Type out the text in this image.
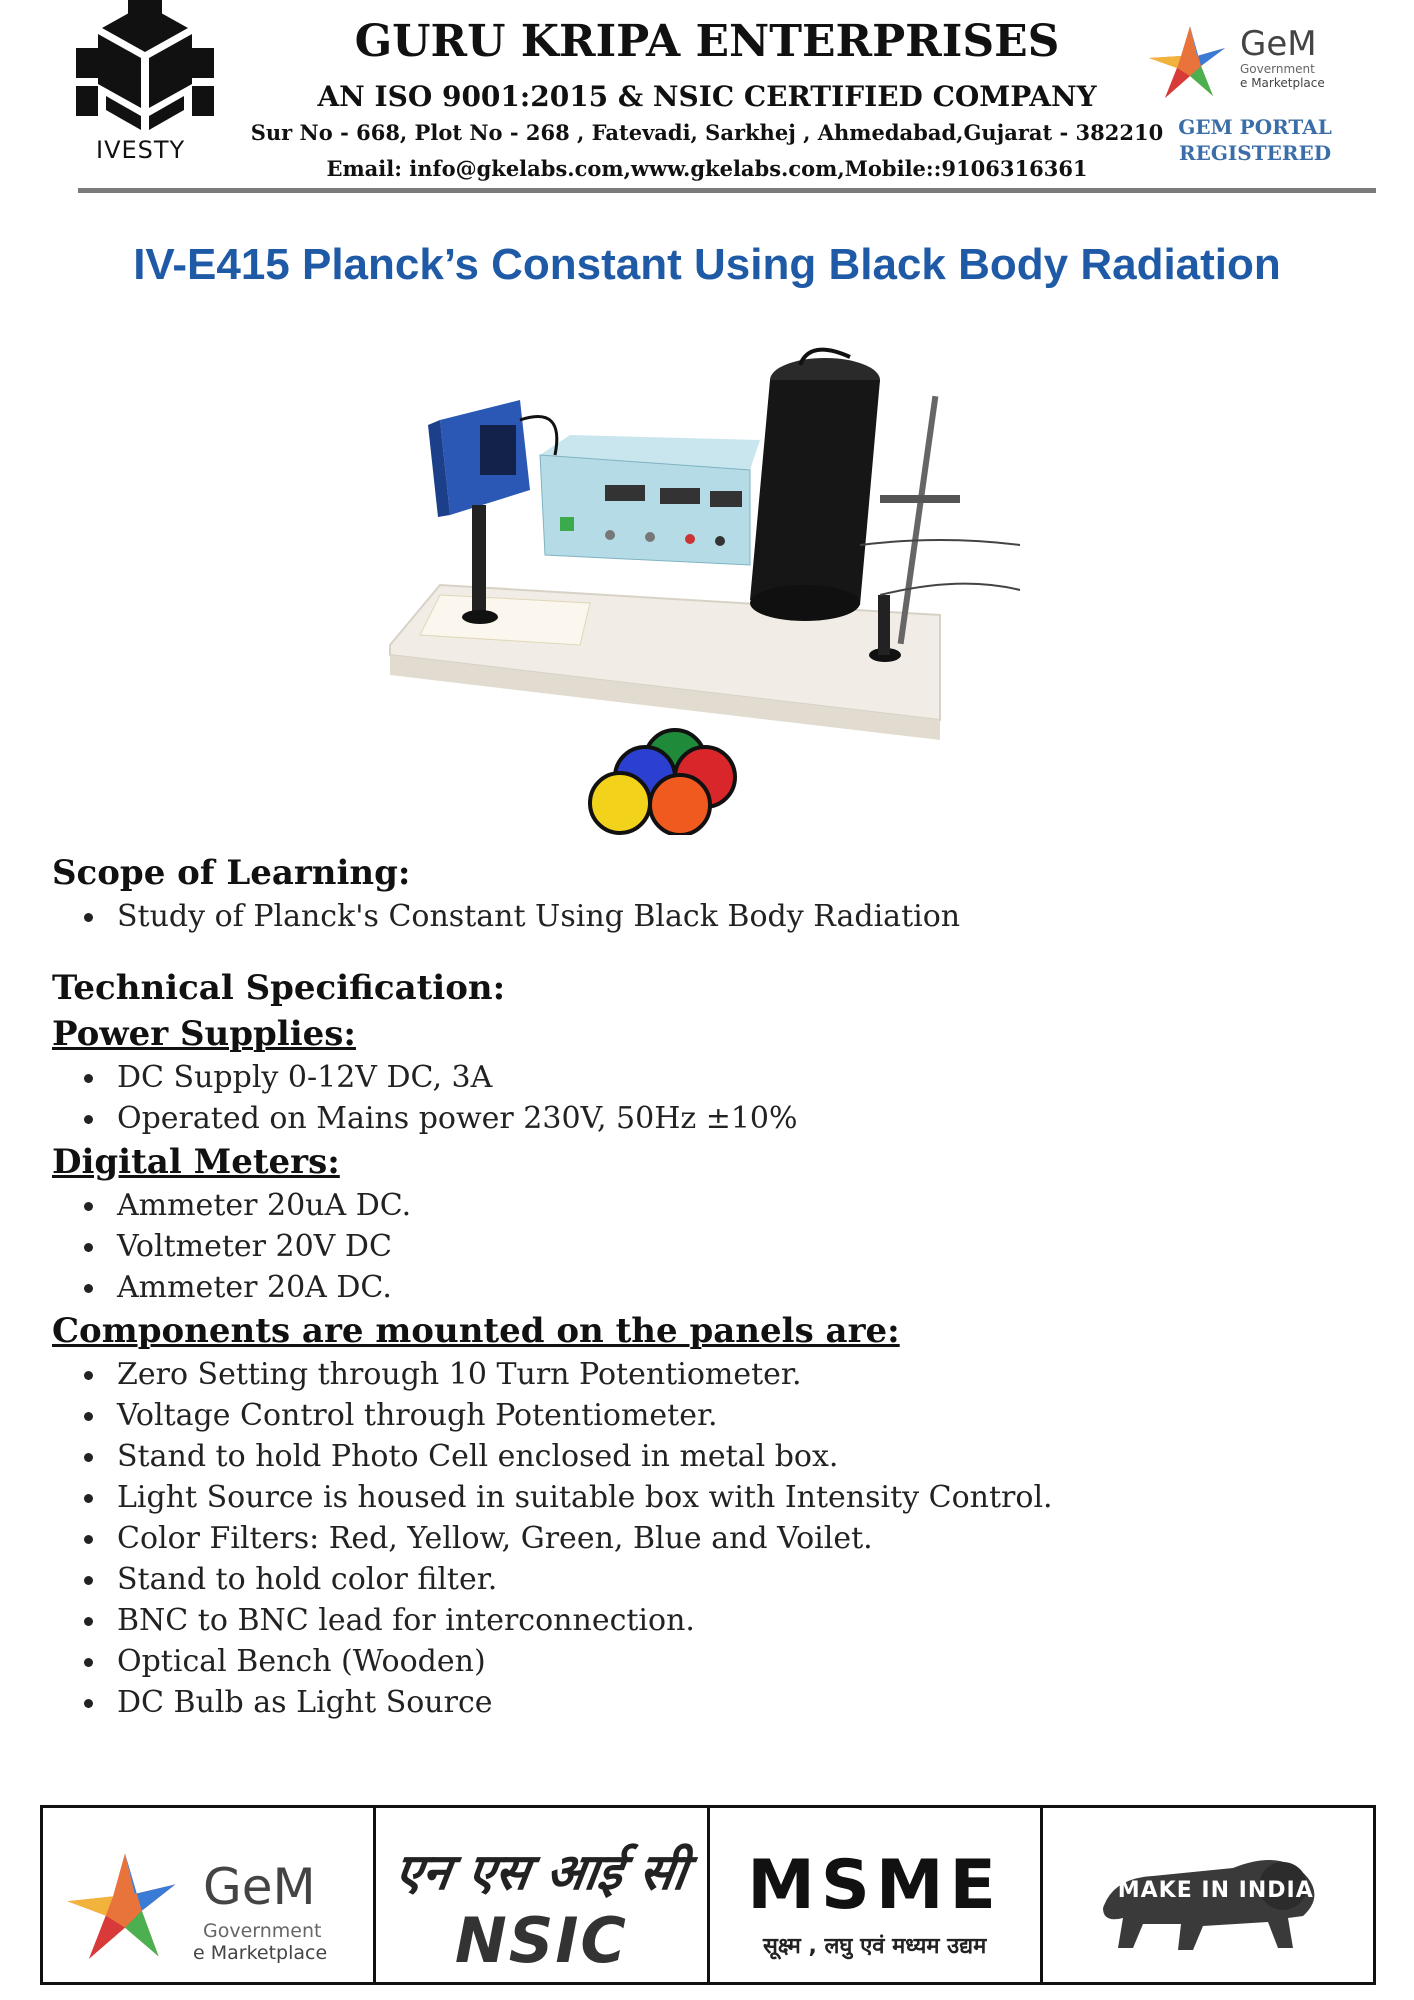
IVESTY
GURU KRIPA ENTERPRISES
AN ISO 9001:2015 & NSIC CERTIFIED COMPANY
Sur No - 668, Plot No - 268 , Fatevadi, Sarkhej , Ahmedabad,Gujarat - 382210
Email: info@gkelabs.com,www.gkelabs.com,Mobile::9106316361
GeM
Government
e Marketplace
GEM PORTAL
REGISTERED
IV-E415 Planck’s Constant Using Black Body Radiation
Scope of Learning:
Study of Planck's Constant Using Black Body Radiation
Technical Specification:
Power Supplies:
DC Supply 0-12V DC, 3A
Operated on Mains power 230V, 50Hz ±10%
Digital Meters:
Ammeter 20uA DC.
Voltmeter 20V DC
Ammeter 20A DC.
Components are mounted on the panels are:
Zero Setting through 10 Turn Potentiometer.
Voltage Control through Potentiometer.
Stand to hold Photo Cell enclosed in metal box.
Light Source is housed in suitable box with Intensity Control.
Color Filters: Red, Yellow, Green, Blue and Voilet.
Stand to hold color filter.
BNC to BNC lead for interconnection.
Optical Bench (Wooden)
DC Bulb as Light Source
GeM
Government
e Marketplace
एन एस आई सी
NSIC
MSME
सूक्ष्म , लघु एवं मध्यम उद्यम
MAKE IN INDIA
